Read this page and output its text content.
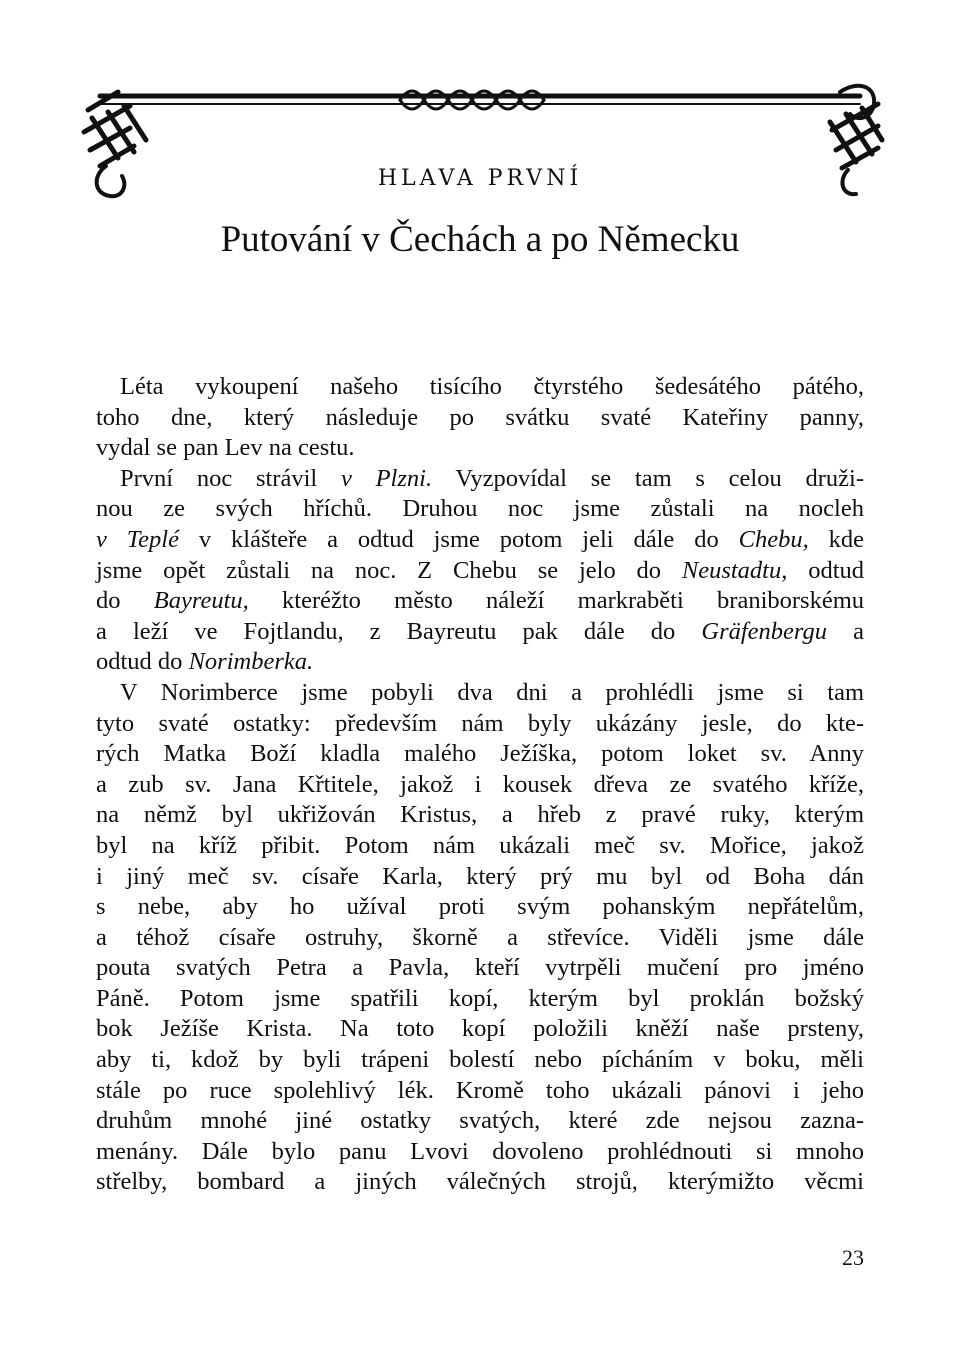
HLAVA PRVNÍ
Putování v Čechách a po Německu
Léta vykoupení našeho tisícího čtyrstého šedesátého pátého,
toho dne, který následuje po svátku svaté Kateřiny panny,
vydal se pan Lev na cestu.
První noc strávil v Plzni. Vyzpovídal se tam s celou druži-
nou ze svých hříchů. Druhou noc jsme zůstali na nocleh
v Teplé v klášteře a odtud jsme potom jeli dále do Chebu, kde
jsme opět zůstali na noc. Z Chebu se jelo do Neustadtu, odtud
do Bayreutu, kteréžto město náleží markraběti braniborskému
a leží ve Fojtlandu, z Bayreutu pak dále do Gräfenbergu a
odtud do Norimberka.
V Norimberce jsme pobyli dva dni a prohlédli jsme si tam
tyto svaté ostatky: především nám byly ukázány jesle, do kte-
rých Matka Boží kladla malého Ježíška, potom loket sv. Anny
a zub sv. Jana Křtitele, jakož i kousek dřeva ze svatého kříže,
na němž byl ukřižován Kristus, a hřeb z pravé ruky, kterým
byl na kříž přibit. Potom nám ukázali meč sv. Mořice, jakož
i jiný meč sv. císaře Karla, který prý mu byl od Boha dán
s nebe, aby ho užíval proti svým pohanským nepřátelům,
a téhož císaře ostruhy, škorně a střevíce. Viděli jsme dále
pouta svatých Petra a Pavla, kteří vytrpěli mučení pro jméno
Páně. Potom jsme spatřili kopí, kterým byl proklán božský
bok Ježíše Krista. Na toto kopí položili kněží naše prsteny,
aby ti, kdož by byli trápeni bolestí nebo pícháním v boku, měli
stále po ruce spolehlivý lék. Kromě toho ukázali pánovi i jeho
druhům mnohé jiné ostatky svatých, které zde nejsou zazna-
menány. Dále bylo panu Lvovi dovoleno prohlédnouti si mnoho
střelby, bombard a jiných válečných strojů, kterýmižto věcmi
23
